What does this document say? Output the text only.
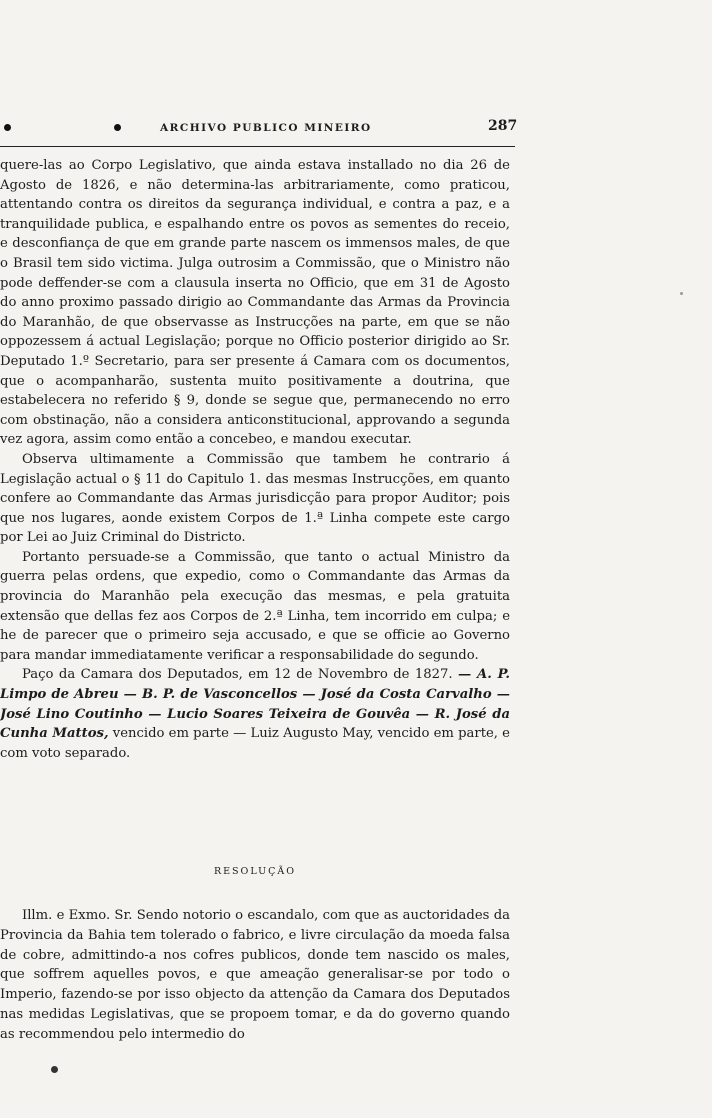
ARCHIVO PUBLICO MINEIRO	287

quere-las ao Corpo Legislativo, que ainda estava installado no dia 26 de Agosto de 1826, e não determina-las arbitrariamente, como praticou, attentando contra os direitos da segurança individual, e contra a paz, e a tranquilidade publica, e espalhando entre os povos as sementes do receio, e desconfiança de que em grande parte nascem os immensos males, de que o Brasil tem sido victima. Julga outrosim a Commissão, que o Ministro não pode deffender-se com a clausula inserta no Officio, que em 31 de Agosto do anno proximo passado dirigio ao Commandante das Armas da Provincia do Maranhão, de que observasse as Instrucções na parte, em que se não oppozessem á actual Legislação; porque no Officio posterior dirigido ao Sr. Deputado 1.º Secretario, para ser presente á Camara com os documentos, que o acompanharão, sustenta muito positivamente a doutrina, que estabelecera no referido § 9, donde se segue que, permanecendo no erro com obstinação, não a considera anticonstitucional, approvando a segunda vez agora, assim como então a concebeo, e mandou executar.

Observa ultimamente a Commissão que tambem he contrario á Legislação actual o § 11 do Capitulo 1. das mesmas Instrucções, em quanto confere ao Commandante das Armas jurisdicção para propor Auditor; pois que nos lugares, aonde existem Corpos de 1.ª Linha compete este cargo por Lei ao Juiz Criminal do Districto.

Portanto persuade-se a Commissão, que tanto o actual Ministro da guerra pelas ordens, que expedio, como o Commandante das Armas da provincia do Maranhão pela execução das mesmas, e pela gratuita extensão que dellas fez aos Corpos de 2.ª Linha, tem incorrido em culpa; e he de parecer que o primeiro seja accusado, e que se officie ao Governo para mandar immediatamente verificar a responsabilidade do segundo.

Paço da Camara dos Deputados, em 12 de Novembro de 1827. — A. P. Limpo de Abreu — B. P. de Vasconcellos — José da Costa Carvalho — José Lino Coutinho — Lucio Soares Teixeira de Gouvêa — R. José da Cunha Mattos, vencido em parte — Luiz Augusto May, vencido em parte, e com voto separado.

RESOLUÇÃO

Illm. e Exmo. Sr. Sendo notorio o escandalo, com que as auctoridades da Provincia da Bahia tem tolerado o fabrico, e livre circulação da moeda falsa de cobre, admittindo-a nos cofres publicos, donde tem nascido os males, que soffrem aquelles povos, e que ameação generalisar-se por todo o Imperio, fazendo-se por isso objecto da attenção da Camara dos Deputados nas medidas Legislativas, que se propoem tomar, e da do governo quando as recommendou pelo intermedio do
